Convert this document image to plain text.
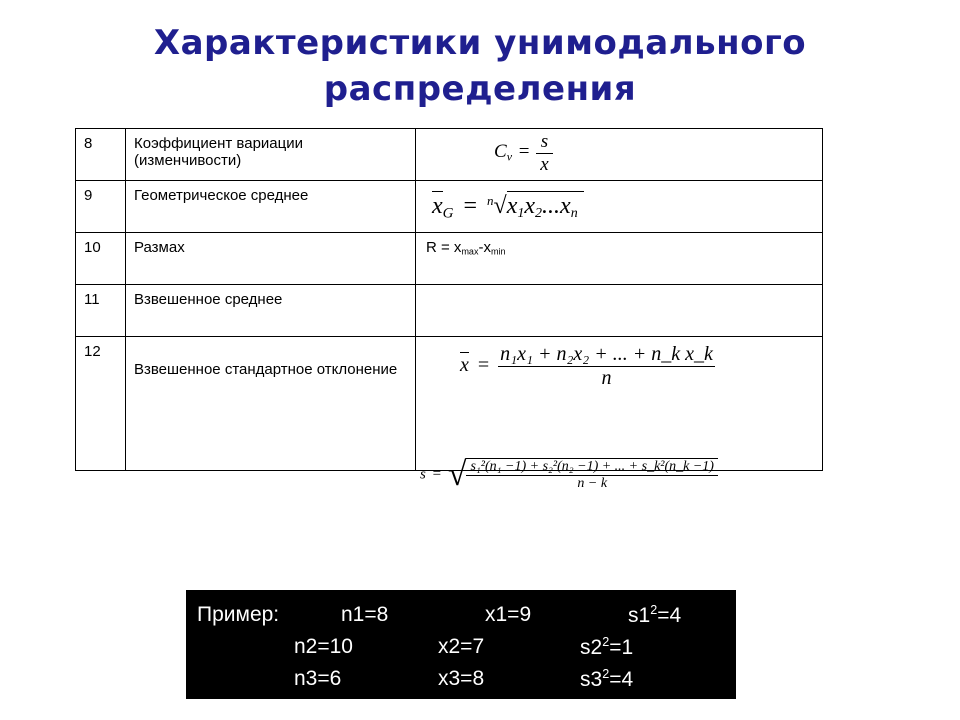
Характеристики унимодального

распределения
8	Коэффициент вариации (изменчивости)	$C_v = \frac{s}{x}$

9	Геометрическое среднее	$x_G = ^n√x_1x_2...x_n$

10	Размах	$R = x_{max}-x_{min}$
11	Взвешенное среднее	
12	Взвешенное стандартное отклонение	$x = \frac{\text{n₁x₁ + n₂x₂ + ... + n\_k x\_k}}{n}$
s = √ $\frac{\text{s₁²(n₁ −1) + s₂²(n₂ −1) + ... + s\_k²(n\_k −1)}}{n - k}$
Пример:	n1=8	x1=9	$s1^2=4$
n2=10	x2=7	$s2^2=1$
n3=6	x3=8	$s3^2=4$
